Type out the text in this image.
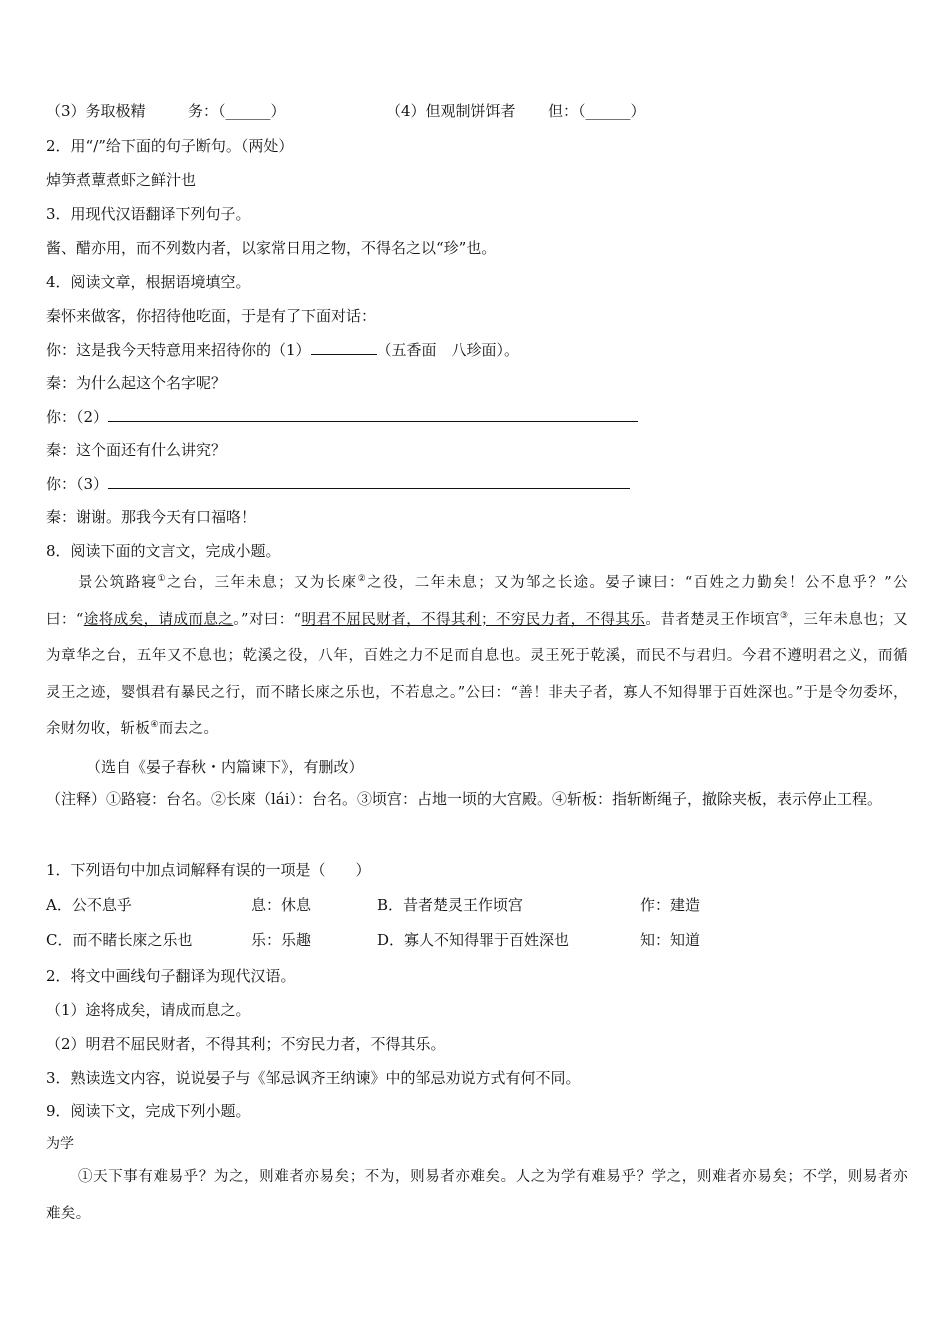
（3）务取极精	务：（______）	（4）但观制饼饵者 但：（______）
2．用“/”给下面的句子断句。（两处）
焯笋煮蕈煮虾之鲜汁也
3．用现代汉语翻译下列句子。
酱、醋亦用，而不列数内者，以家常日用之物，不得名之以“珍”也。
4．阅读文章，根据语境填空。
秦怀来做客，你招待他吃面，于是有了下面对话：
你：这是我今天特意用来招待你的（1）	（五香面　八珍面）。
秦：为什么起这个名字呢？
你：（2）
秦：这个面还有什么讲究？
你：（3）
秦：谢谢。那我今天有口福咯！
8．阅读下面的文言文，完成小题。
景公筑路寝①之台，三年未息；又为长庲②之役，二年未息；又为邹之长途。晏子谏曰：“百姓之力勤矣！公不息乎？”公曰：“途将成矣，请成而息之。”对曰：“明君不屈民财者，不得其利；不穷民力者，不得其乐。昔者楚灵王作顷宫③，三年未息也；又为章华之台，五年又不息也；乾溪之役，八年，百姓之力不足而自息也。灵王死于乾溪，而民不与君归。今君不遵明君之义，而循灵王之迹，婴惧君有暴民之行，而不睹长庲之乐也，不若息之。”公曰：“善！非夫子者，寡人不知得罪于百姓深也。”于是令勿委坏，余财勿收，斩板④而去之。
（选自《晏子春秋・内篇谏下》，有删改）
（注释）①路寝：台名。②长庲（lái）：台名。③顷宫：占地一顷的大宫殿。④斩板：指斩断绳子，撤除夹板，表示停止工程。
1．下列语句中加点词解释有误的一项是（　　）
A．公不息乎	息：休息	B．昔者楚灵王作顷宫	作：建造
C．而不睹长庲之乐也	乐：乐趣	D．寡人不知得罪于百姓深也	知：知道
2．将文中画线句子翻译为现代汉语。
（1）途将成矣，请成而息之。
（2）明君不屈民财者，不得其利；不穷民力者，不得其乐。
3．熟读选文内容，说说晏子与《邹忌讽齐王纳谏》中的邹忌劝说方式有何不同。
9．阅读下文，完成下列小题。
为学
①天下事有难易乎？为之，则难者亦易矣；不为，则易者亦难矣。人之为学有难易乎？学之，则难者亦易矣；不学，则易者亦难矣。
